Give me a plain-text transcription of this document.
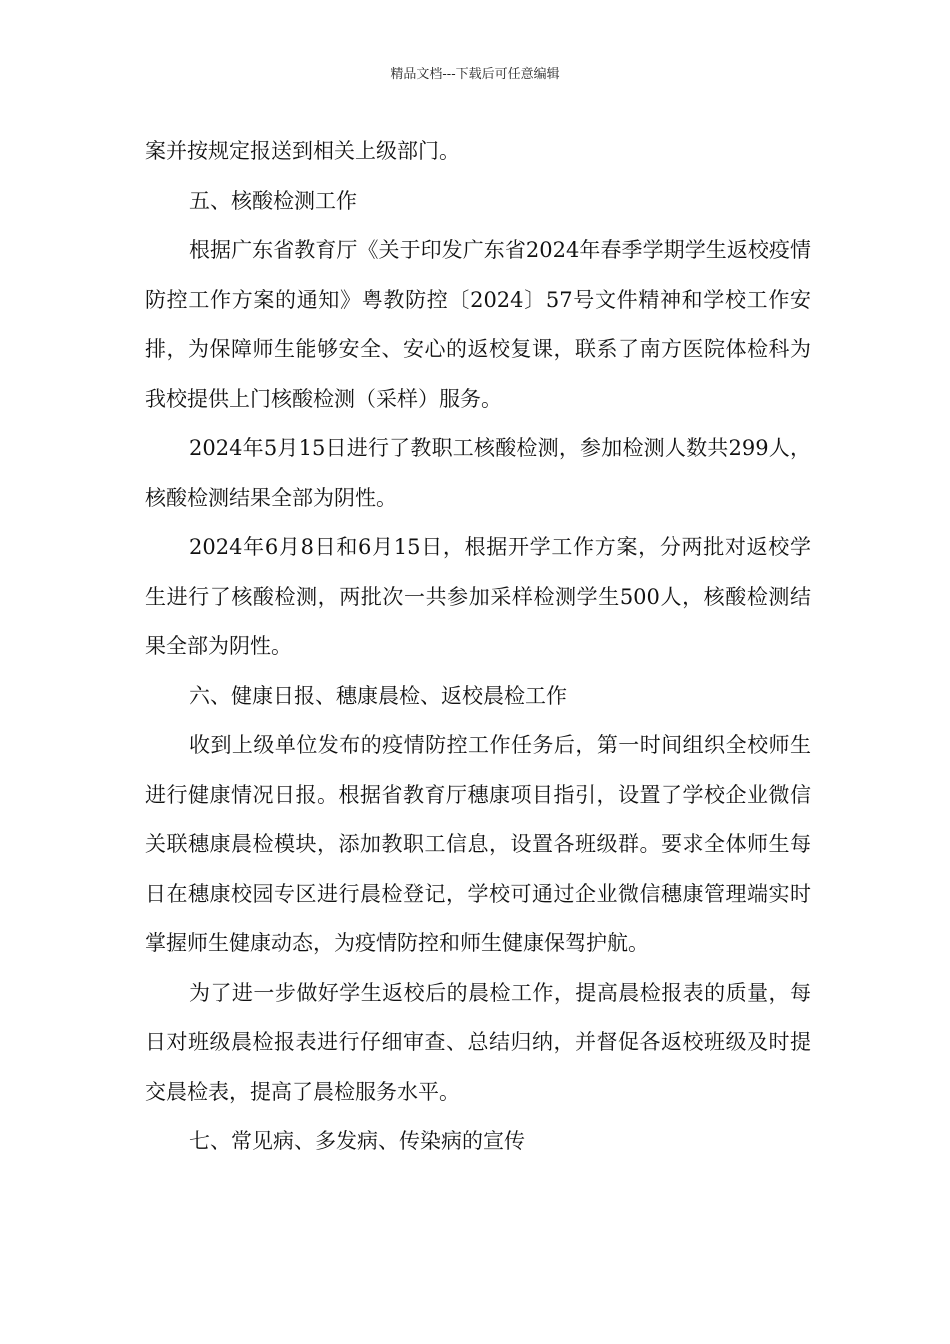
精品文档---下载后可任意编辑

案并按规定报送到相关上级部门。

五、核酸检测工作

根据广东省教育厅《关于印发广东省2024年春季学期学生返校疫情防控工作方案的通知》粤教防控〔2024〕57号文件精神和学校工作安排，为保障师生能够安全、安心的返校复课，联系了南方医院体检科为我校提供上门核酸检测（采样）服务。

2024年5月15日进行了教职工核酸检测，参加检测人数共299人，核酸检测结果全部为阴性。

2024年6月8日和6月15日，根据开学工作方案，分两批对返校学生进行了核酸检测，两批次一共参加采样检测学生500人，核酸检测结果全部为阴性。

六、健康日报、穗康晨检、返校晨检工作

收到上级单位发布的疫情防控工作任务后，第一时间组织全校师生进行健康情况日报。根据省教育厅穗康项目指引，设置了学校企业微信关联穗康晨检模块，添加教职工信息，设置各班级群。要求全体师生每日在穗康校园专区进行晨检登记，学校可通过企业微信穗康管理端实时掌握师生健康动态，为疫情防控和师生健康保驾护航。

为了进一步做好学生返校后的晨检工作，提高晨检报表的质量，每日对班级晨检报表进行仔细审查、总结归纳，并督促各返校班级及时提交晨检表，提高了晨检服务水平。

七、常见病、多发病、传染病的宣传
